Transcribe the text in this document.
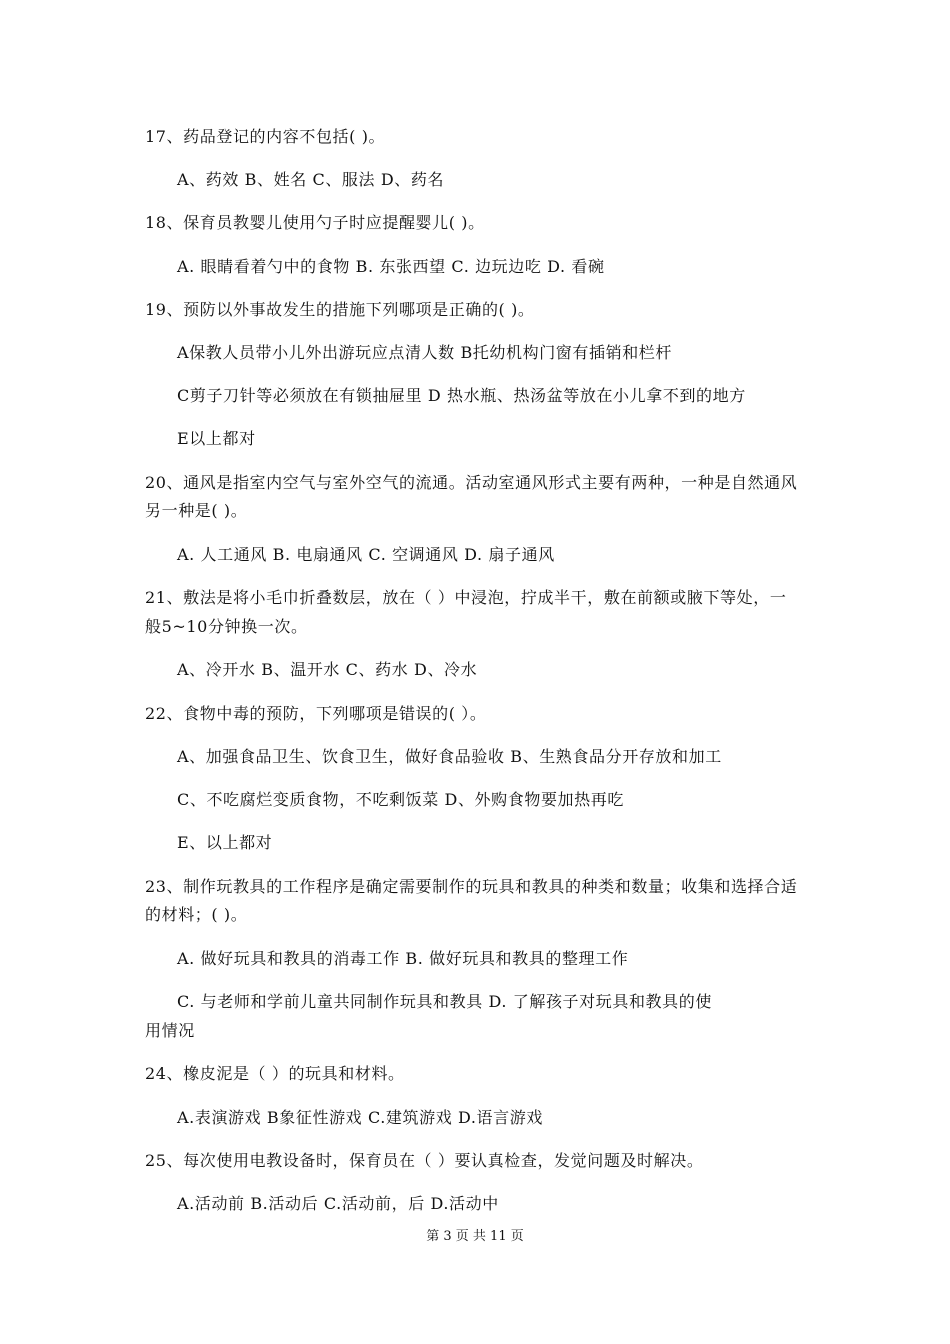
17、药品登记的内容不包括( )。
A、药效 B、姓名 C、服法 D、药名
18、保育员教婴儿使用勺子时应提醒婴儿( )。
A. 眼睛看着勺中的食物 B. 东张西望 C. 边玩边吃 D. 看碗
19、预防以外事故发生的措施下列哪项是正确的( )。
A保教人员带小儿外出游玩应点清人数 B托幼机构门窗有插销和栏杆
C剪子刀针等必须放在有锁抽屉里 D 热水瓶、热汤盆等放在小儿拿不到的地方
E以上都对
20、通风是指室内空气与室外空气的流通。活动室通风形式主要有两种，一种是自然通风
另一种是( )。
A. 人工通风 B. 电扇通风 C. 空调通风 D. 扇子通风
21、敷法是将小毛巾折叠数层，放在（ ）中浸泡，拧成半干，敷在前额或腋下等处，一
般5~10分钟换一次。
A、冷开水 B、温开水 C、药水 D、冷水
22、食物中毒的预防，下列哪项是错误的( ）。
A、加强食品卫生、饮食卫生，做好食品验收 B、生熟食品分开存放和加工
C、不吃腐烂变质食物，不吃剩饭菜 D、外购食物要加热再吃
E、以上都对
23、制作玩教具的工作程序是确定需要制作的玩具和教具的种类和数量；收集和选择合适
的材料；( )。
A. 做好玩具和教具的消毒工作 B. 做好玩具和教具的整理工作
C. 与老师和学前儿童共同制作玩具和教具 D. 了解孩子对玩具和教具的使
用情况
24、橡皮泥是（ ）的玩具和材料。
A.表演游戏 B象征性游戏 C.建筑游戏 D.语言游戏
25、每次使用电教设备时，保育员在（ ）要认真检查，发觉问题及时解决。
A.活动前 B.活动后 C.活动前，后 D.活动中
第 3 页 共 11 页
